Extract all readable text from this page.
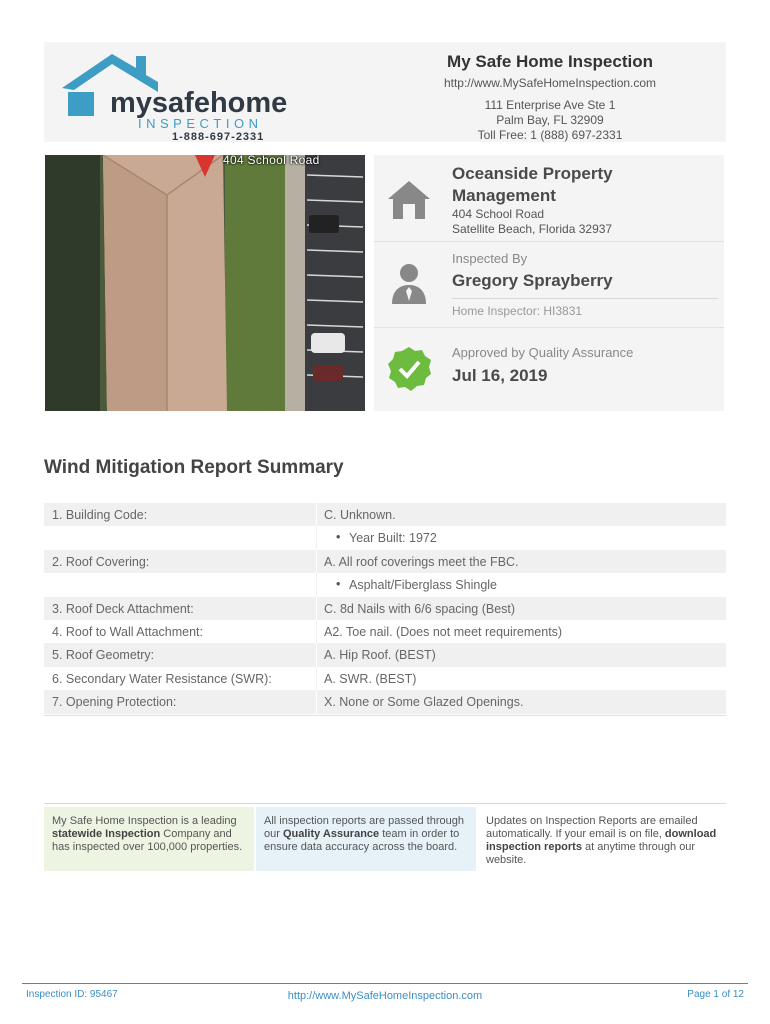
mysafehome
INSPECTION
1-888-697-2331
My Safe Home Inspection
http://www.MySafeHomeInspection.com
111 Enterprise Ave Ste 1
Palm Bay, FL 32909
Toll Free: 1 (888) 697-2331
404 School Road
Oceanside Property
Management
404 School Road
Satellite Beach, Florida 32937
Inspected By
Gregory Sprayberry
Home Inspector: HI3831
Approved by Quality Assurance
Jul 16, 2019
Wind Mitigation Report Summary
1. Building Code:	C. Unknown.
• Year Built: 1972
2. Roof Covering:	A. All roof coverings meet the FBC.
• Asphalt/Fiberglass Shingle
3. Roof Deck Attachment:	C. 8d Nails with 6/6 spacing (Best)
4. Roof to Wall Attachment:	A2. Toe nail. (Does not meet requirements)
5. Roof Geometry:	A. Hip Roof. (BEST)
6. Secondary Water Resistance (SWR):	A. SWR. (BEST)
7. Opening Protection:	X. None or Some Glazed Openings.
My Safe Home Inspection is a leading statewide Inspection Company and has inspected over 100,000 properties.
All inspection reports are passed through our Quality Assurance team in order to ensure data accuracy across the board.
Updates on Inspection Reports are emailed automatically. If your email is on file, download inspection reports at anytime through our website.
Inspection ID: 95467	http://www.MySafeHomeInspection.com	Page 1 of 12
